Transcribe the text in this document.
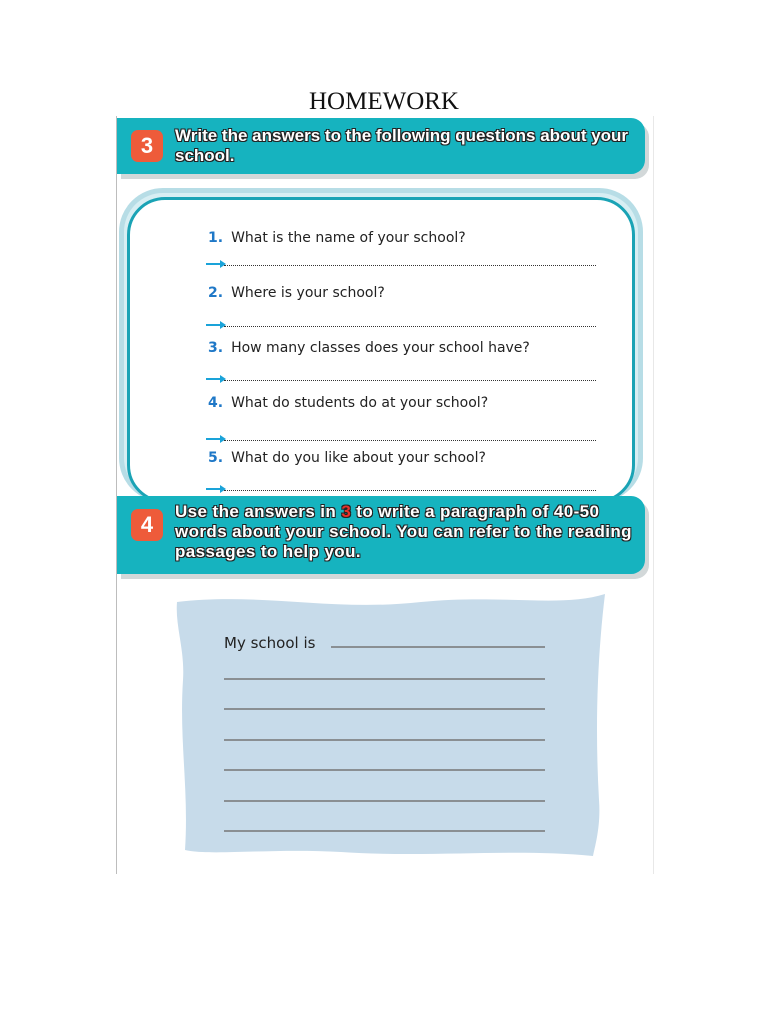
HOMEWORK
3	Write the answers to the following questions about your school.
1. What is the name of your school?
2. Where is your school?
3. How many classes does your school have?
4. What do students do at your school?
5. What do you like about your school?
4
Use the answers in 3 to write a paragraph of 40-50 words about your school. You can refer to the reading passages to help you.
My school is
